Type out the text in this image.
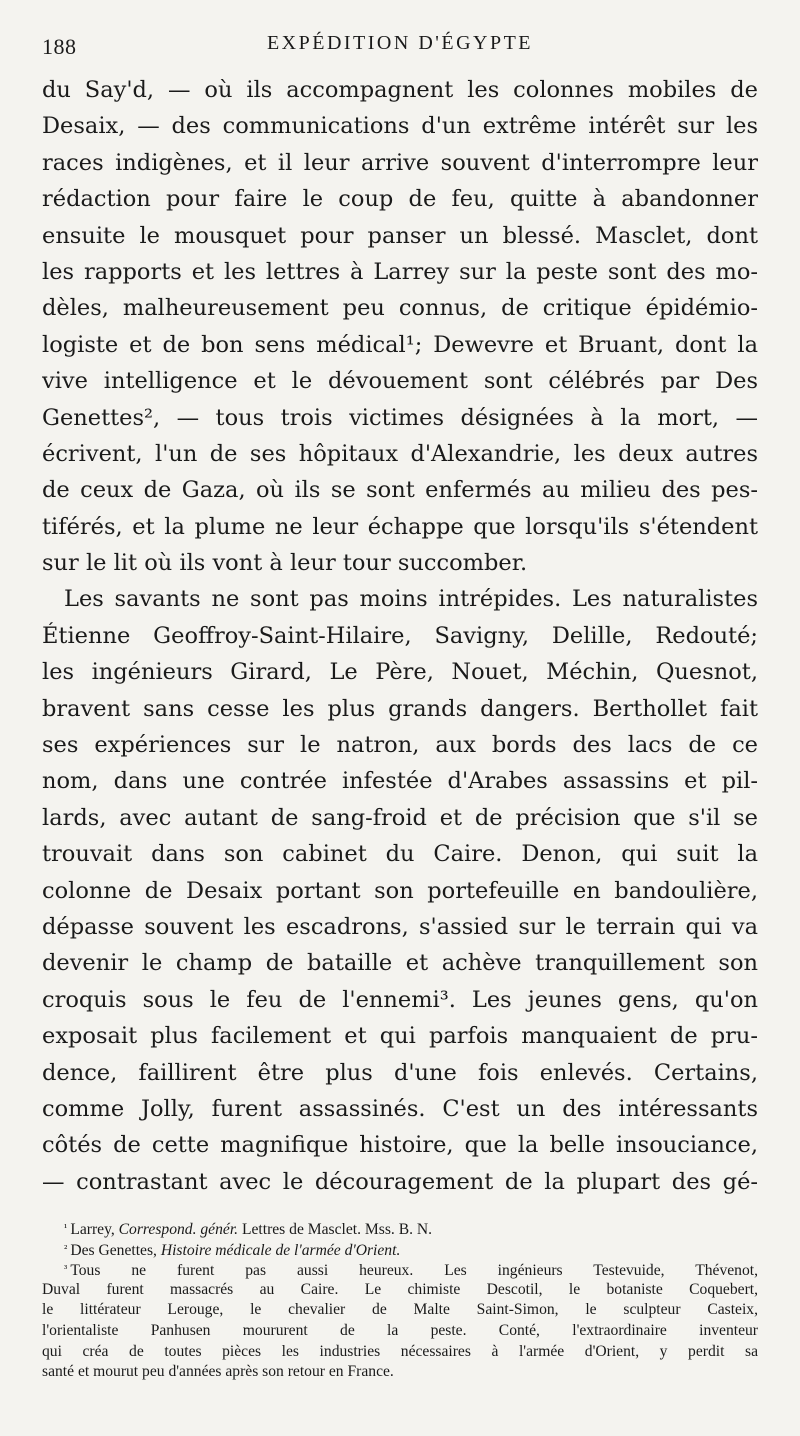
188	EXPÉDITION D'ÉGYPTE
du Say'd, — où ils accompagnent les colonnes mobiles de
Desaix, — des communications d'un extrême intérêt sur les
races indigènes, et il leur arrive souvent d'interrompre leur
rédaction pour faire le coup de feu, quitte à abandonner
ensuite le mousquet pour panser un blessé. Masclet, dont
les rapports et les lettres à Larrey sur la peste sont des mo-
dèles, malheureusement peu connus, de critique épidémio-
logiste et de bon sens médical¹; Dewevre et Bruant, dont la
vive intelligence et le dévouement sont célébrés par Des
Genettes², — tous trois victimes désignées à la mort, —
écrivent, l'un de ses hôpitaux d'Alexandrie, les deux autres
de ceux de Gaza, où ils se sont enfermés au milieu des pes-
tiférés, et la plume ne leur échappe que lorsqu'ils s'étendent
sur le lit où ils vont à leur tour succomber.
Les savants ne sont pas moins intrépides. Les naturalistes
Étienne Geoffroy-Saint-Hilaire, Savigny, Delille, Redouté;
les ingénieurs Girard, Le Père, Nouet, Méchin, Quesnot,
bravent sans cesse les plus grands dangers. Berthollet fait
ses expériences sur le natron, aux bords des lacs de ce
nom, dans une contrée infestée d'Arabes assassins et pil-
lards, avec autant de sang-froid et de précision que s'il se
trouvait dans son cabinet du Caire. Denon, qui suit la
colonne de Desaix portant son portefeuille en bandoulière,
dépasse souvent les escadrons, s'assied sur le terrain qui va
devenir le champ de bataille et achève tranquillement son
croquis sous le feu de l'ennemi³. Les jeunes gens, qu'on
exposait plus facilement et qui parfois manquaient de pru-
dence, faillirent être plus d'une fois enlevés. Certains,
comme Jolly, furent assassinés. C'est un des intéressants
côtés de cette magnifique histoire, que la belle insouciance,
— contrastant avec le découragement de la plupart des gé-
¹ Larrey, Correspond. génér. Lettres de Masclet. Mss. B. N.
² Des Genettes, Histoire médicale de l'armée d'Orient.
³ Tous ne furent pas aussi heureux. Les ingénieurs Testevuide, Thévenot,
Duval furent massacrés au Caire. Le chimiste Descotil, le botaniste Coquebert,
le littérateur Lerouge, le chevalier de Malte Saint-Simon, le sculpteur Casteix,
l'orientaliste Panhusen moururent de la peste. Conté, l'extraordinaire inventeur
qui créa de toutes pièces les industries nécessaires à l'armée d'Orient, y perdit sa
santé et mourut peu d'années après son retour en France.
